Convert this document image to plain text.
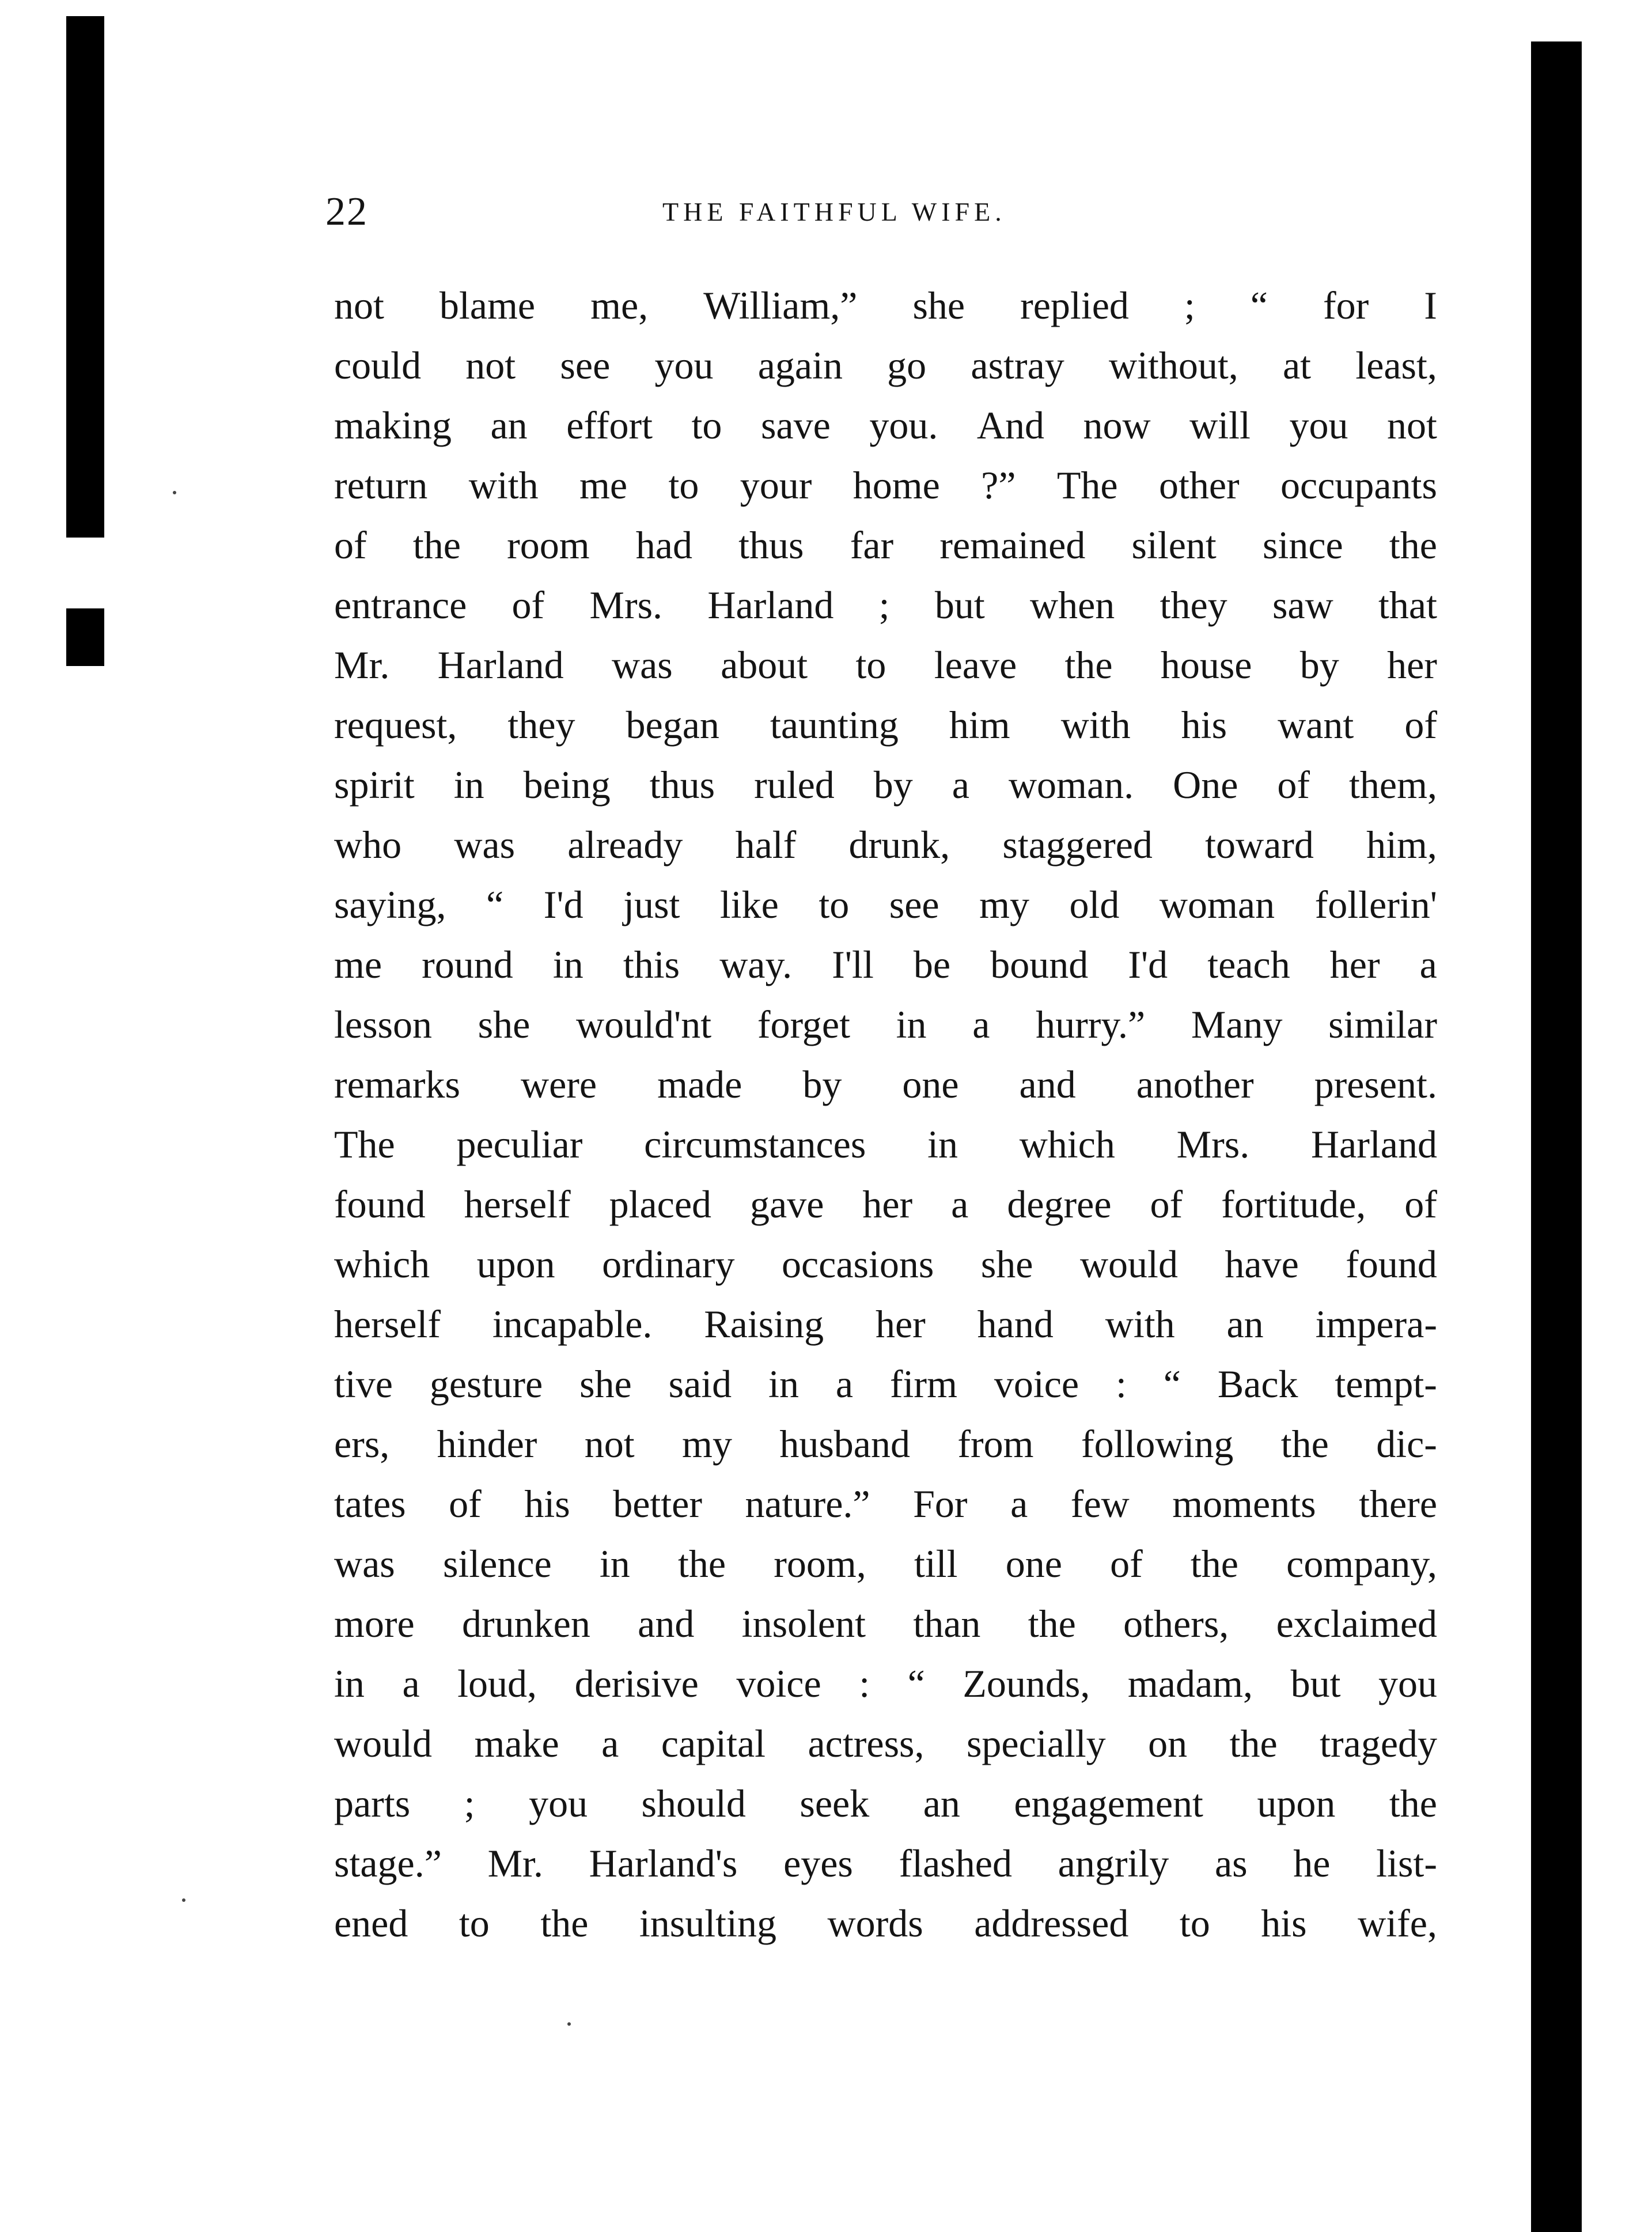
22	THE FAITHFUL WIFE.
not blame me, William,” she replied ; “ for I
could not see you again go astray without, at least,
making an effort to save you. And now will you not
return with me to your home ?” The other occupants
of the room had thus far remained silent since the
entrance of Mrs. Harland ; but when they saw that
Mr. Harland was about to leave the house by her
request, they began taunting him with his want of
spirit in being thus ruled by a woman. One of them,
who was already half drunk, staggered toward him,
saying, “ I'd just like to see my old woman follerin'
me round in this way. I'll be bound I'd teach her a
lesson she would'nt forget in a hurry.” Many similar
remarks were made by one and another present.
The peculiar circumstances in which Mrs. Harland
found herself placed gave her a degree of fortitude, of
which upon ordinary occasions she would have found
herself incapable. Raising her hand with an impera-
tive gesture she said in a firm voice : “ Back tempt-
ers, hinder not my husband from following the dic-
tates of his better nature.” For a few moments there
was silence in the room, till one of the company,
more drunken and insolent than the others, exclaimed
in a loud, derisive voice : “ Zounds, madam, but you
would make a capital actress, specially on the tragedy
parts ; you should seek an engagement upon the
stage.” Mr. Harland's eyes flashed angrily as he list-
ened to the insulting words addressed to his wife,
